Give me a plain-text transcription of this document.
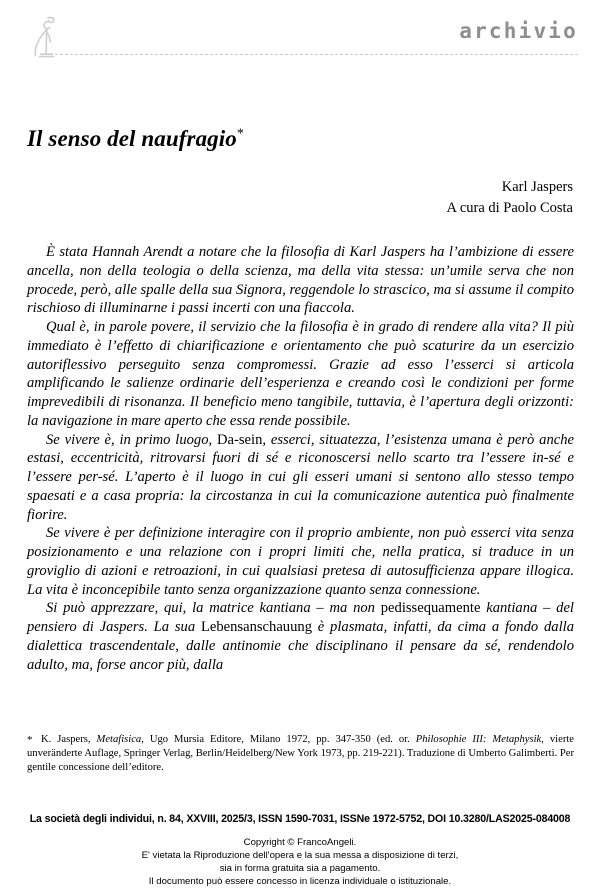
archivio
Il senso del naufragio*
Karl Jaspers
A cura di Paolo Costa

È stata Hannah Arendt a notare che la filosofia di Karl Jaspers ha l’ambizione di essere ancella, non della teologia o della scienza, ma della vita stessa: un’umile serva che non procede, però, alle spalle della sua Signora, reggendole lo strascico, ma si assume il compito rischioso di illuminarne i passi incerti con una fiaccola.

Qual è, in parole povere, il servizio che la filosofia è in grado di rendere alla vita? Il più immediato è l’effetto di chiarificazione e orientamento che può scaturire da un esercizio autoriflessivo perseguito senza compromessi. Grazie ad esso l’esserci si articola amplificando le salienze ordinarie dell’esperienza e creando così le condizioni per forme imprevedibili di risonanza. Il beneficio meno tangibile, tuttavia, è l’apertura degli orizzonti: la navigazione in mare aperto che essa rende possibile.

Se vivere è, in primo luogo, Da-sein, esserci, situatezza, l’esistenza umana è però anche estasi, eccentricità, ritrovarsi fuori di sé e riconoscersi nello scarto tra l’essere in-sé e l’essere per-sé. L’aperto è il luogo in cui gli esseri umani si sentono allo stesso tempo spaesati e a casa propria: la circostanza in cui la comunicazione autentica può finalmente fiorire.

Se vivere è per definizione interagire con il proprio ambiente, non può esserci vita senza posizionamento e una relazione con i propri limiti che, nella pratica, si traduce in un groviglio di azioni e retroazioni, in cui qualsiasi pretesa di autosufficienza appare illogica. La vita è inconcepibile tanto senza organizzazione quanto senza connessione.

Si può apprezzare, qui, la matrice kantiana – ma non pedissequamente kantiana – del pensiero di Jaspers. La sua Lebensanschauung è plasmata, infatti, da cima a fondo dalla dialettica trascendentale, dalle antinomie che disciplinano il pensare da sé, rendendolo adulto, ma, forse ancor più, dalla

* K. Jaspers, Metafisica, Ugo Mursia Editore, Milano 1972, pp. 347-350 (ed. or. Philosophie III: Metaphysik, vierte unveränderte Auflage, Springer Verlag, Berlin/Heidelberg/New York 1973, pp. 219-221). Traduzione di Umberto Galimberti. Per gentile concessione dell’editore.
La società degli individui, n. 84, XXVIII, 2025/3, ISSN 1590-7031, ISSNe 1972-5752, DOI 10.3280/LAS2025-084008
Copyright © FrancoAngeli.
E' vietata la Riproduzione dell'opera e la sua messa a disposizione di terzi,
sia in forma gratuita sia a pagamento.
Il documento può essere concesso in licenza individuale o istituzionale.
